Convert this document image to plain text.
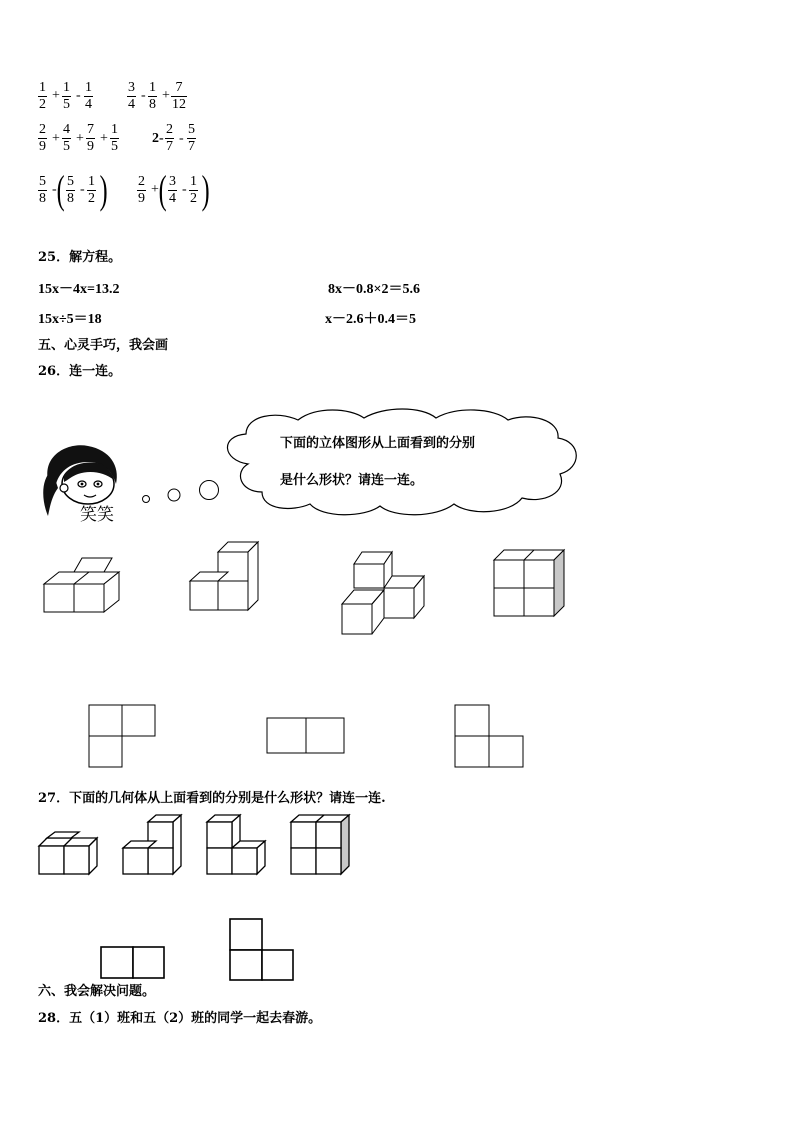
1
2
+
1
5
-
1
4
3
4
-
1
8
+
7
12
2
9
+
4
5
+
7
9
+
1
5
2-
2
7
-
5
7
5
8
- ( 5
8
-
1
2 ) 2
9
+ ( 3
4
-
1
2 )
25．解方程。
15x－4x=13.2	8x－0.8×2＝5.6
15x÷5＝18	x－2.6＋0.4＝5
五、心灵手巧，我会画
26．连一连。
笑笑
下面的立体图形从上面看到的分别
是什么形状？请连一连。
27．下面的几何体从上面看到的分别是什么形状？请连一连.
六、我会解决问题。
28．五（1）班和五（2）班的同学一起去春游。
